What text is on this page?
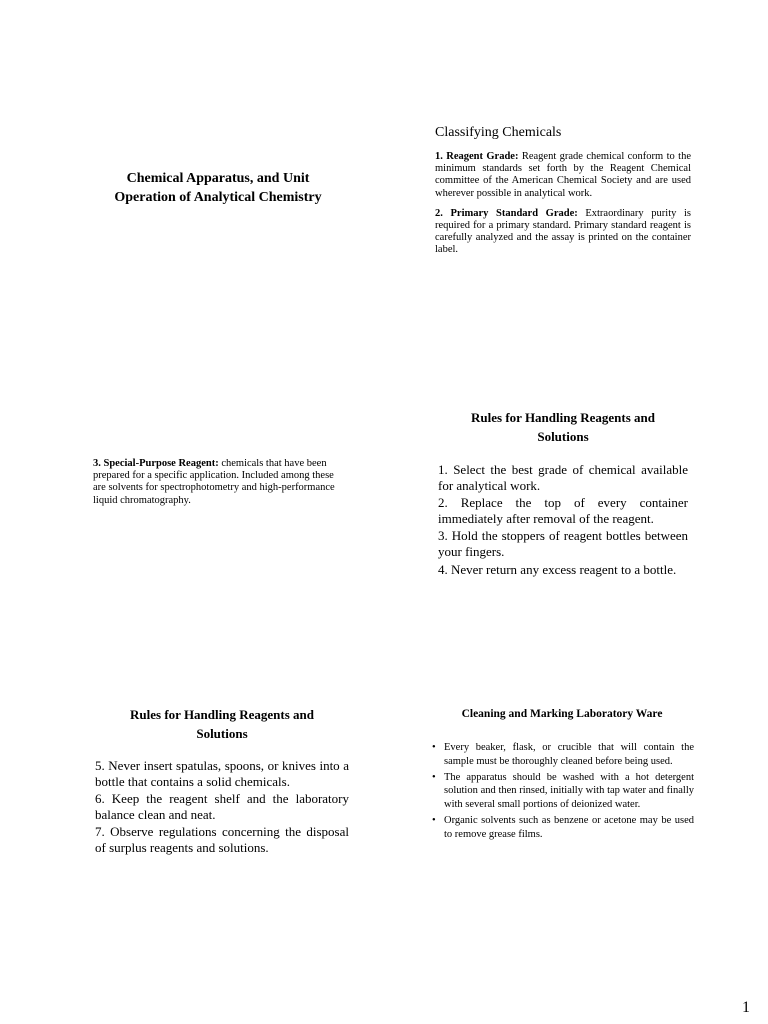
Chemical Apparatus, and Unit Operation of Analytical Chemistry
Classifying Chemicals

1. Reagent Grade: Reagent grade chemical conform to the minimum standards set forth by the Reagent Chemical committee of the American Chemical Society and are used wherever possible in analytical work.

2. Primary Standard Grade: Extraordinary purity is required for a primary standard. Primary standard reagent is carefully analyzed and the assay is printed on the container label.

3. Special-Purpose Reagent: chemicals that have been prepared for a specific application. Included among these are solvents for spectrophotometry and high-performance liquid chromatography.

Rules for Handling Reagents and Solutions

1. Select the best grade of chemical available for analytical work.

2. Replace the top of every container immediately after removal of the reagent.

3. Hold the stoppers of reagent bottles between your fingers.

4. Never return any excess reagent to a bottle.

Rules for Handling Reagents and Solutions

5. Never insert spatulas, spoons, or knives into a bottle that contains a solid chemicals.

6. Keep the reagent shelf and the laboratory balance clean and neat.

7. Observe regulations concerning the disposal of surplus reagents and solutions.

Cleaning and Marking Laboratory Ware
• Every beaker, flask, or crucible that will contain the sample must be thoroughly cleaned before being used.
• The apparatus should be washed with a hot detergent solution and then rinsed, initially with tap water and finally with several small portions of deionized water.
• Organic solvents such as benzene or acetone may be used to remove grease films.
1
